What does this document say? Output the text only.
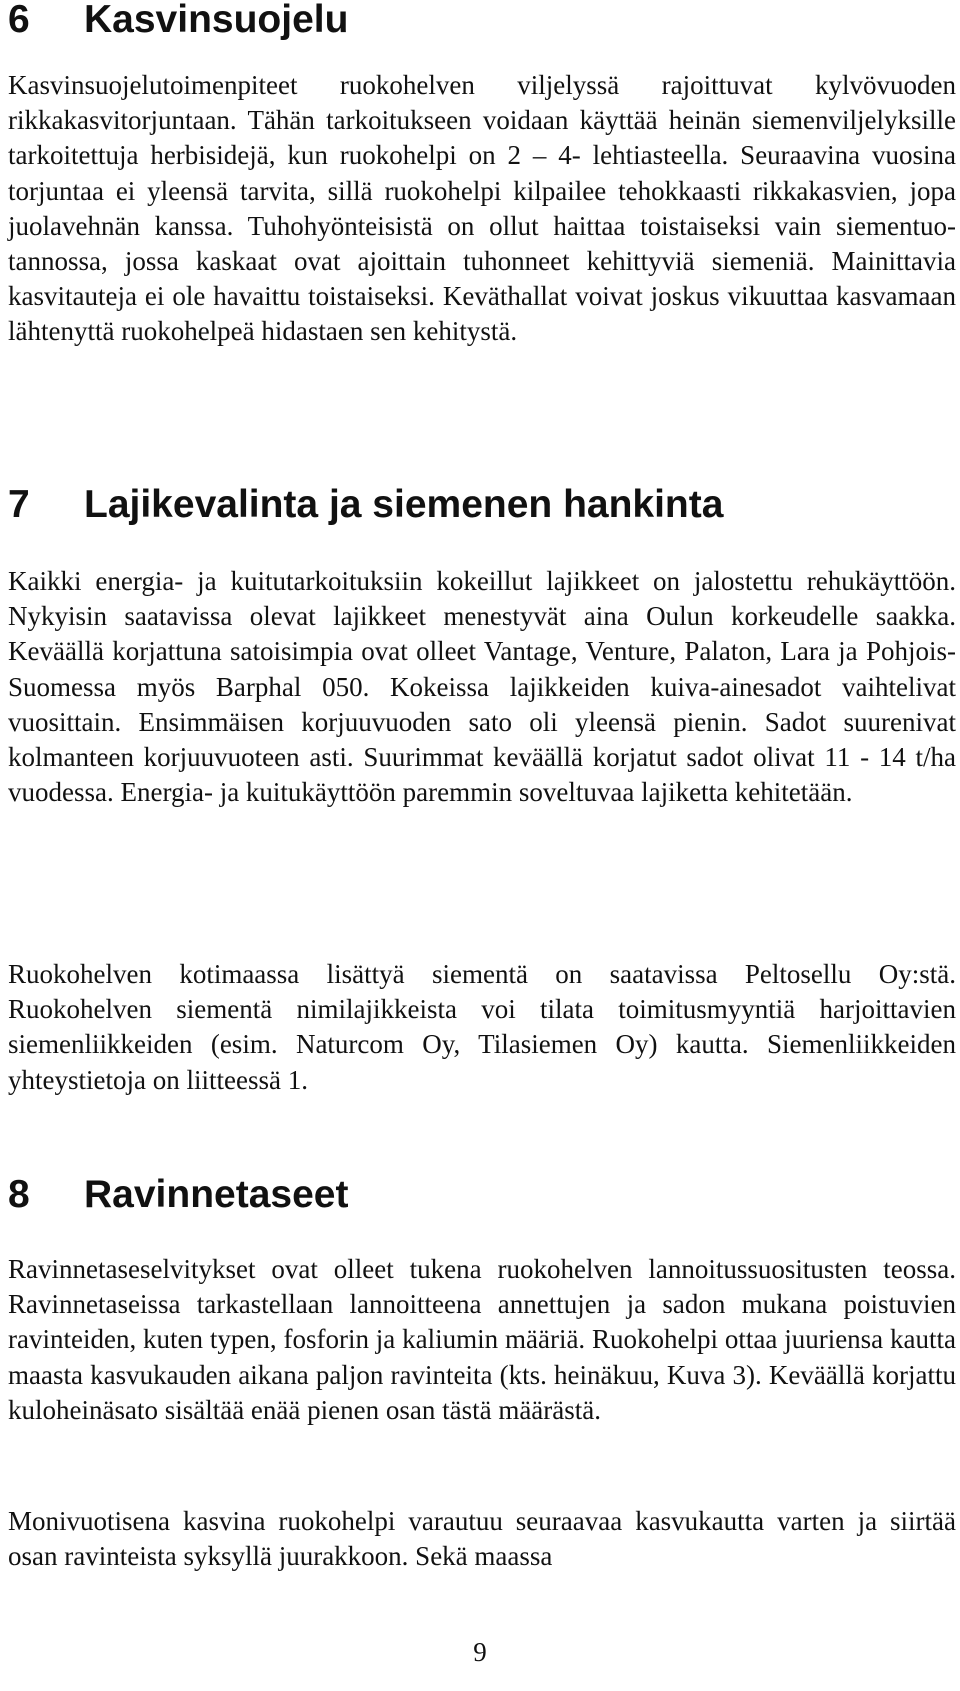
6 Kasvinsuojelu

Kasvinsuojelutoimenpiteet ruokohelven viljelyssä rajoittuvat kylvövuoden rikkakasvitorjuntaan. Tähän tarkoitukseen voidaan käyttää heinän siemenviljelyksille tarkoitettuja herbisidejä, kun ruokohelpi on 2 – 4- lehtiasteella. Seuraavina vuosina torjuntaa ei yleensä tarvita, sillä ruokohelpi kilpailee tehokkaasti rikkakasvien, jopa juolavehnän kanssa. Tuhohyönteisistä on ollut haittaa toistaiseksi vain siementuotannossa, jossa kaskaat ovat ajoittain tuhonneet kehittyviä siemeniä. Mainittavia kasvitauteja ei ole havaittu toistaiseksi. Keväthallat voivat joskus vikuuttaa kasvamaan lähtenyttä ruokohelpeä hidastaen sen kehitystä.

7 Lajikevalinta ja siemenen hankinta

Kaikki energia- ja kuitutarkoituksiin kokeillut lajikkeet on jalostettu rehukäyttöön. Nykyisin saatavissa olevat lajikkeet menestyvät aina Oulun korkeudelle saakka. Keväällä korjattuna satoisimpia ovat olleet Vantage, Venture, Palaton, Lara ja Pohjois-Suomessa myös Barphal 050. Kokeissa lajikkeiden kuiva-ainesadot vaihtelivat vuosittain. Ensimmäisen korjuuvuoden sato oli yleensä pienin. Sadot suurenivat kolmanteen korjuuvuoteen asti. Suurimmat keväällä korjatut sadot olivat 11 - 14 t/ha vuodessa. Energia- ja kuitukäyttöön paremmin soveltuvaa lajiketta kehitetään.

Ruokohelven kotimaassa lisättyä siementä on saatavissa Peltosellu Oy:stä. Ruokohelven siementä nimilajikkeista voi tilata toimitusmyyntiä harjoittavien siemenliikkeiden (esim. Naturcom Oy, Tilasiemen Oy) kautta. Siemenliikkeiden yhteystietoja on liitteessä 1.

8 Ravinnetaseet

Ravinnetaseselvitykset ovat olleet tukena ruokohelven lannoitussuositusten teossa. Ravinnetaseissa tarkastellaan lannoitteena annettujen ja sadon mukana poistuvien ravinteiden, kuten typen, fosforin ja kaliumin määriä. Ruokohelpi ottaa juuriensa kautta maasta kasvukauden aikana paljon ravinteita (kts. heinäkuu, Kuva 3). Keväällä korjattu kuloheinäsato sisältää enää pienen osan tästä määrästä.

Monivuotisena kasvina ruokohelpi varautuu seuraavaa kasvukautta varten ja siirtää osan ravinteista syksyllä juurakkoon. Sekä maassa

9
